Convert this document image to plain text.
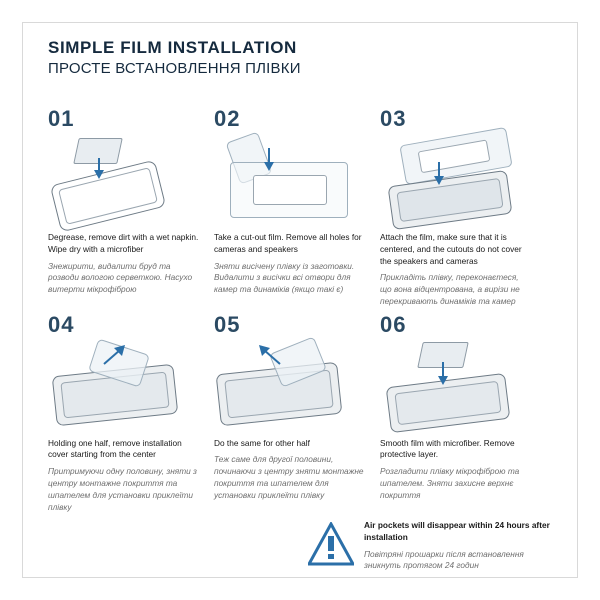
SIMPLE FILM INSTALLATION
ПРОСТЕ ВСТАНОВЛЕННЯ ПЛІВКИ
01
Degrease, remove dirt with a wet napkin. Wipe dry with a microfiber
Знежирити, видалити бруд та розводи вологою серветкою. Насухо витерти мікрофіброю
02
Take a cut-out film. Remove all holes for cameras and speakers
Зняти висічену плівку із заготовки. Видалити з висічки всі отвори для камер та динаміків (якщо такі є)
03
Attach the film, make sure that it is centered, and the cutouts do not cover the speakers and cameras
Прикладіть плівку, переконаєтеся, що вона відцентрована, а вирізи не перекривають динаміків та камер
04
Holding one half, remove installation cover starting from the center
Притримуючи одну половину, зняти з центру монтажне покриття та шпателем для установки приклеїти плівку
05
Do the same for other half
Теж саме для другої половини, починаючи з центру зняти монтажне покриття та шпателем для установки приклеїти плівку
06
Smooth film with microfiber. Remove protective layer.
Розгладити плівку мікрофіброю та шпателем. Зняти захисне верхнє покриття
Air pockets will disappear within 24 hours after installation
Повітряні прошарки після встановлення зникнуть протягом 24 годин
